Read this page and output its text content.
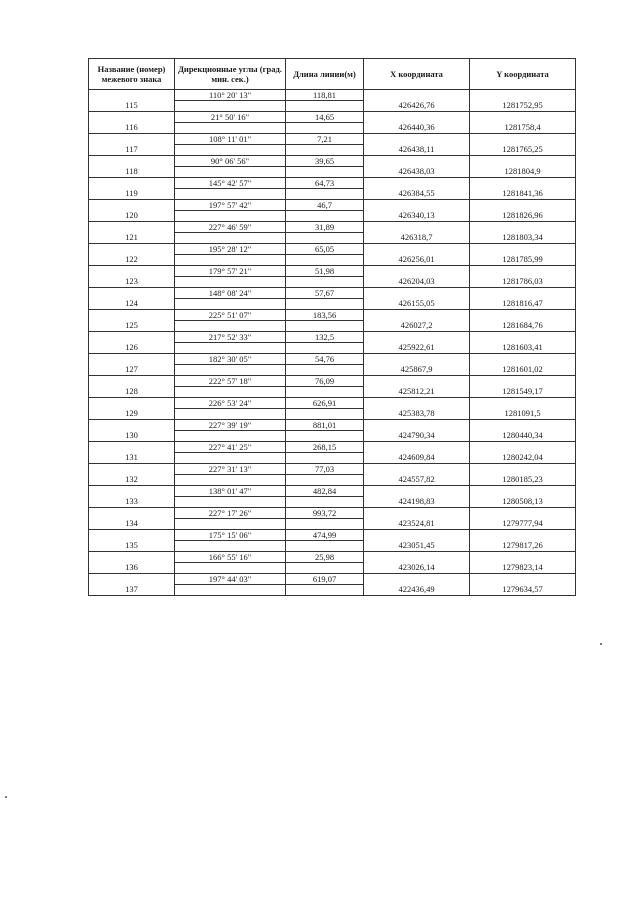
Название (номер) межевого знака	Дирекционные углы (град. мин. сек.)	Длина линии(м)	X координата	Y координата
115	110° 20' 13"	118,81	426426,76	1281752,95

116	21° 50' 16"	14,65	426440,36	1281758,4

117	108° 11' 01"	7,21	426438,11	1281765,25

118	90° 06' 56"	39,65	426438,03	1281804,9

119	145° 42' 57"	64,73	426384,55	1281841,36

120	197° 57' 42"	46,7	426340,13	1281826,96

121	227° 46' 59"	31,89	426318,7	1281803,34

122	195° 28' 12"	65,05	426256,01	1281785,99

123	179° 57' 21"	51,98	426204,03	1281786,03

124	148° 08' 24"	57,67	426155,05	1281816,47

125	225° 51' 07"	183,56	426027,2	1281684,76

126	217° 52' 33"	132,5	425922,61	1281603,41

127	182° 30' 05"	54,76	425867,9	1281601,02

128	222° 57' 18"	76,09	425812,21	1281549,17

129	226° 53' 24"	626,91	425383,78	1281091,5

130	227° 39' 19"	881,01	424790,34	1280440,34

131	227° 41' 25"	268,15	424609,84	1280242,04

132	227° 31' 13"	77,03	424557,82	1280185,23

133	138° 01' 47"	482,84	424198,83	1280508,13

134	227° 17' 26"	993,72	423524,81	1279777,94

135	175° 15' 06"	474,99	423051,45	1279817,26

136	166° 55' 16"	25,98	423026,14	1279823,14

137	197° 44' 03"	619,07	422436,49	1279634,57
